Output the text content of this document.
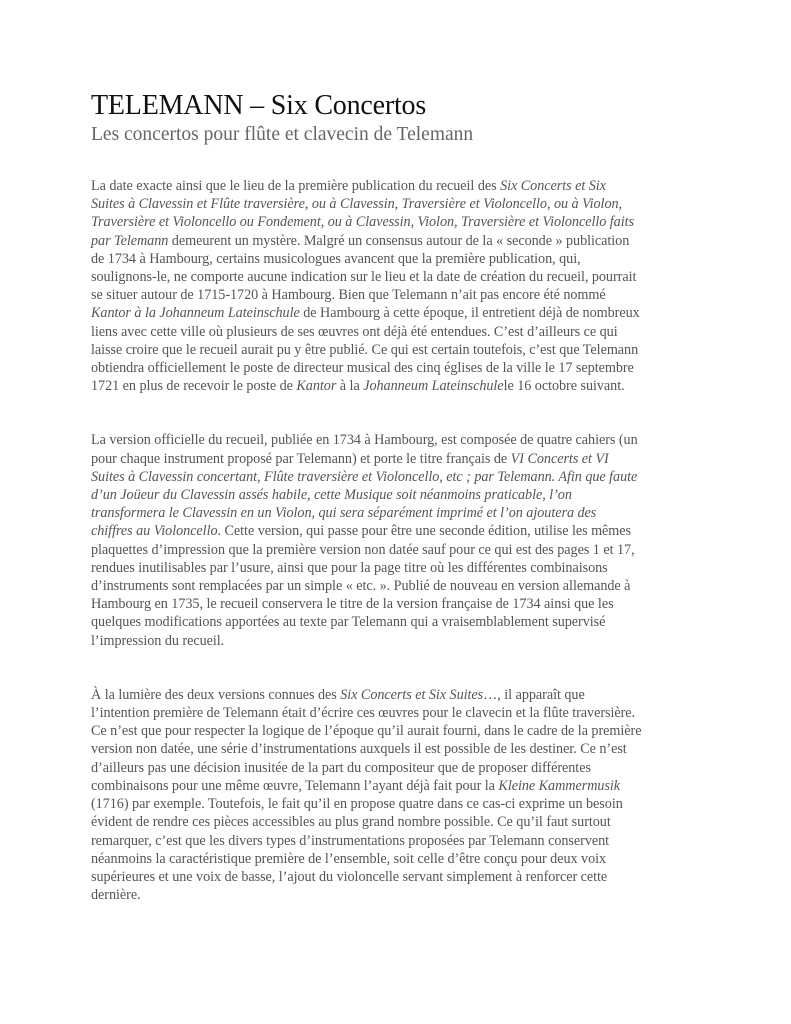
TELEMANN – Six Concertos
Les concertos pour flûte et clavecin de Telemann

La date exacte ainsi que le lieu de la première publication du recueil des Six Concerts et Six
Suites à Clavessin et Flûte traversière, ou à Clavessin, Traversière et Violoncello, ou à Violon,
Traversière et Violoncello ou Fondement, ou à Clavessin, Violon, Traversière et Violoncello faits
par Telemann demeurent un mystère. Malgré un consensus autour de la « seconde » publication
de 1734 à Hambourg, certains musicologues avancent que la première publication, qui,
soulignons-le, ne comporte aucune indication sur le lieu et la date de création du recueil, pourrait
se situer autour de 1715-1720 à Hambourg. Bien que Telemann n’ait pas encore été nommé
Kantor à la Johanneum Lateinschule de Hambourg à cette époque, il entretient déjà de nombreux
liens avec cette ville où plusieurs de ses œuvres ont déjà été entendues. C’est d’ailleurs ce qui
laisse croire que le recueil aurait pu y être publié. Ce qui est certain toutefois, c’est que Telemann
obtiendra officiellement le poste de directeur musical des cinq églises de la ville le 17 septembre
1721 en plus de recevoir le poste de Kantor à la Johanneum Lateinschulele 16 octobre suivant.

La version officielle du recueil, publiée en 1734 à Hambourg, est composée de quatre cahiers (un
pour chaque instrument proposé par Telemann) et porte le titre français de VI Concerts et VI
Suites à Clavessin concertant, Flûte traversière et Violoncello, etc ; par Telemann. Afin que faute
d’un Joüeur du Clavessin assés habile, cette Musique soit néanmoins praticable, l’on
transformera le Clavessin en un Violon, qui sera séparément imprimé et l’on ajoutera des
chiffres au Violoncello. Cette version, qui passe pour être une seconde édition, utilise les mêmes
plaquettes d’impression que la première version non datée sauf pour ce qui est des pages 1 et 17,
rendues inutilisables par l’usure, ainsi que pour la page titre où les différentes combinaisons
d’instruments sont remplacées par un simple « etc. ». Publié de nouveau en version allemande à
Hambourg en 1735, le recueil conservera le titre de la version française de 1734 ainsi que les
quelques modifications apportées au texte par Telemann qui a vraisemblablement supervisé
l’impression du recueil.

À la lumière des deux versions connues des Six Concerts et Six Suites…, il apparaît que
l’intention première de Telemann était d’écrire ces œuvres pour le clavecin et la flûte traversière.
Ce n’est que pour respecter la logique de l’époque qu’il aurait fourni, dans le cadre de la première
version non datée, une série d’instrumentations auxquels il est possible de les destiner. Ce n’est
d’ailleurs pas une décision inusitée de la part du compositeur que de proposer différentes
combinaisons pour une même œuvre, Telemann l’ayant déjà fait pour la Kleine Kammermusik
(1716) par exemple. Toutefois, le fait qu’il en propose quatre dans ce cas-ci exprime un besoin
évident de rendre ces pièces accessibles au plus grand nombre possible. Ce qu’il faut surtout
remarquer, c’est que les divers types d’instrumentations proposées par Telemann conservent
néanmoins la caractéristique première de l’ensemble, soit celle d’être conçu pour deux voix
supérieures et une voix de basse, l’ajout du violoncelle servant simplement à renforcer cette
dernière.
